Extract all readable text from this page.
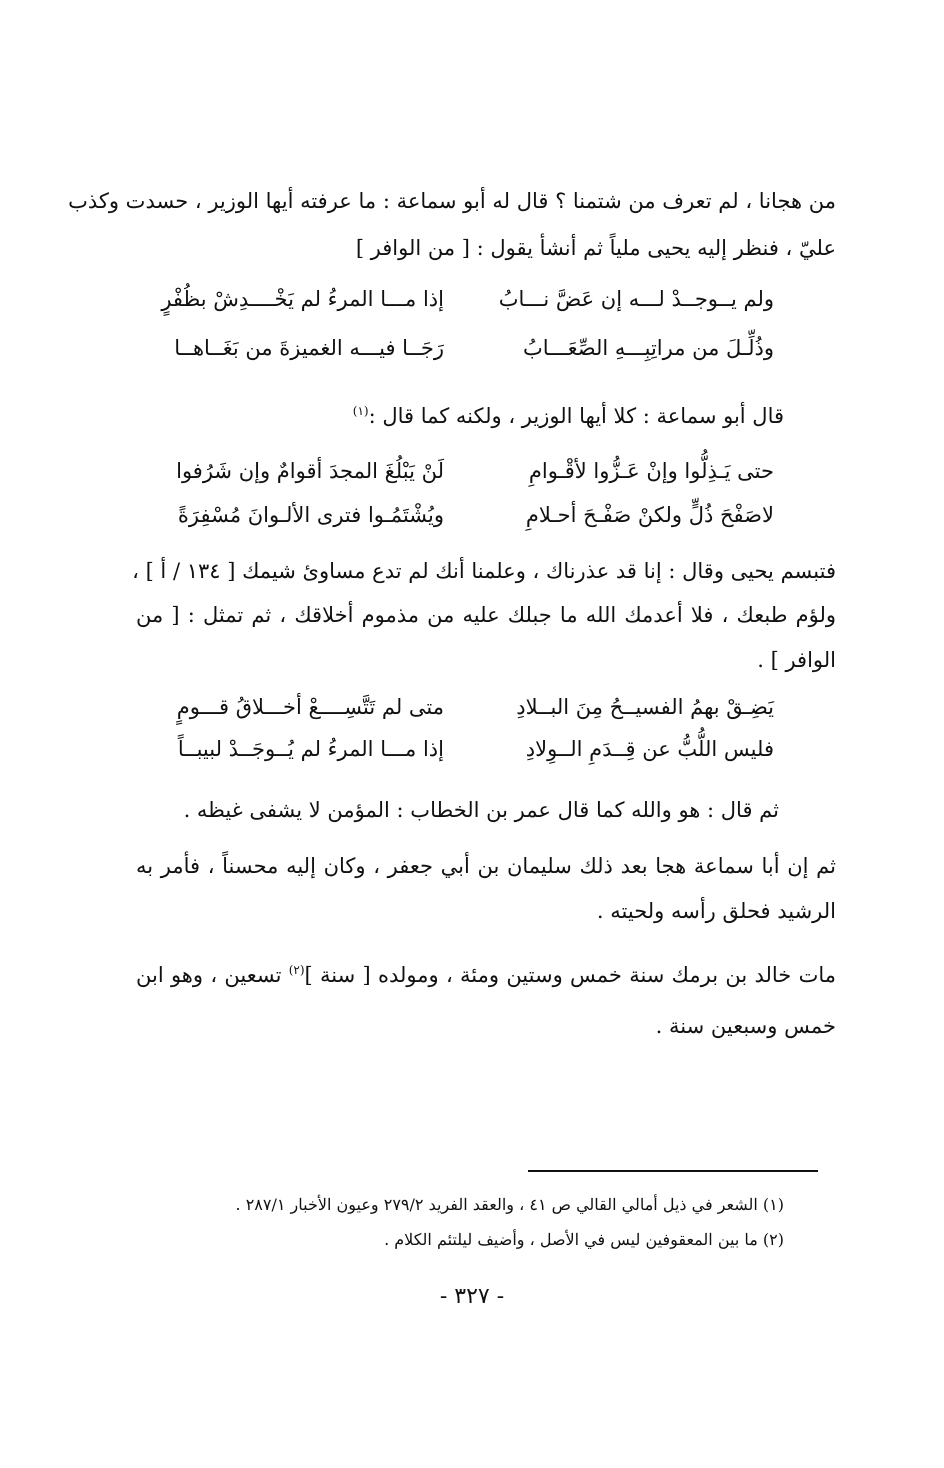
من هجانا ، لم تعرف من شتمنا ؟ قال له أبو سماعة : ما عرفته أيها الوزير ، حسدت وكذب
عليّ ، فنظر إليه يحيى ملياً ثم أنشأ يقول : [ من الوافر ]
إذا مـــا المرءُ لم يَخْــــدِشْ بظُفْرٍ	ولم يــوجــدْ لـــه إن عَضَّ نـــابُ
رَجَــا فيـــه الغميزةَ من بَغَــاهــا	وذُلِّـلَ من مراتِبِـــهِ الصِّعَـــابُ
قال أبو سماعة : كلا أيها الوزير ، ولكنه كما قال :$^{(١)}$
لَنْ يَبْلُغَ المجدَ أقوامٌ وإن شَرُفوا	حتى يَـذِلُّوا وإنْ عَـزُّوا لأقْـوامِ
ويُشْتَمُـوا فترى الألـوانَ مُسْفِرَةً	لاصَفْحَ ذُلٍّ ولكنْ صَفْـحَ أحـلامِ
فتبسم يحيى وقال : إنا قد عذرناك ، وعلمنا أنك لم تدع مساوئ شيمك [ ١٣٤ / أ ] ،
ولؤم طبعك ، فلا أعدمك الله ما جبلك عليه من مذموم أخلاقك ، ثم تمثل : [ من
الوافر ] .
متى لم تَتَّسِــــعْ أخـــلاقُ قـــومٍ	يَضِـقْ بهمُ الفسيــحُ مِنَ البــلادِ
إذا مـــا المرءُ لم يُــوجَــدْ لبيبــاً	فليس اللُّبُّ عن قِــدَمِ الــوِلادِ
ثم قال : هو والله كما قال عمر بن الخطاب : المؤمن لا يشفى غيظه .
ثم إن أبا سماعة هجا بعد ذلك سليمان بن أبي جعفر ، وكان إليه محسناً ، فأمر به
الرشيد فحلق رأسه ولحيته .
مات خالد بن برمك سنة خمس وستين ومئة ، ومولده [ سنة ]$^{(٢)}$ تسعين ، وهو ابن
خمس وسبعين سنة .
(١) الشعر في ذيل أمالي القالي ص ٤١ ، والعقد الفريد ٢٧٩/٢ وعيون الأخبار ٢٨٧/١ .
(٢) ما بين المعقوفين ليس في الأصل ، وأضيف ليلتئم الكلام .
- ٣٢٧ -
